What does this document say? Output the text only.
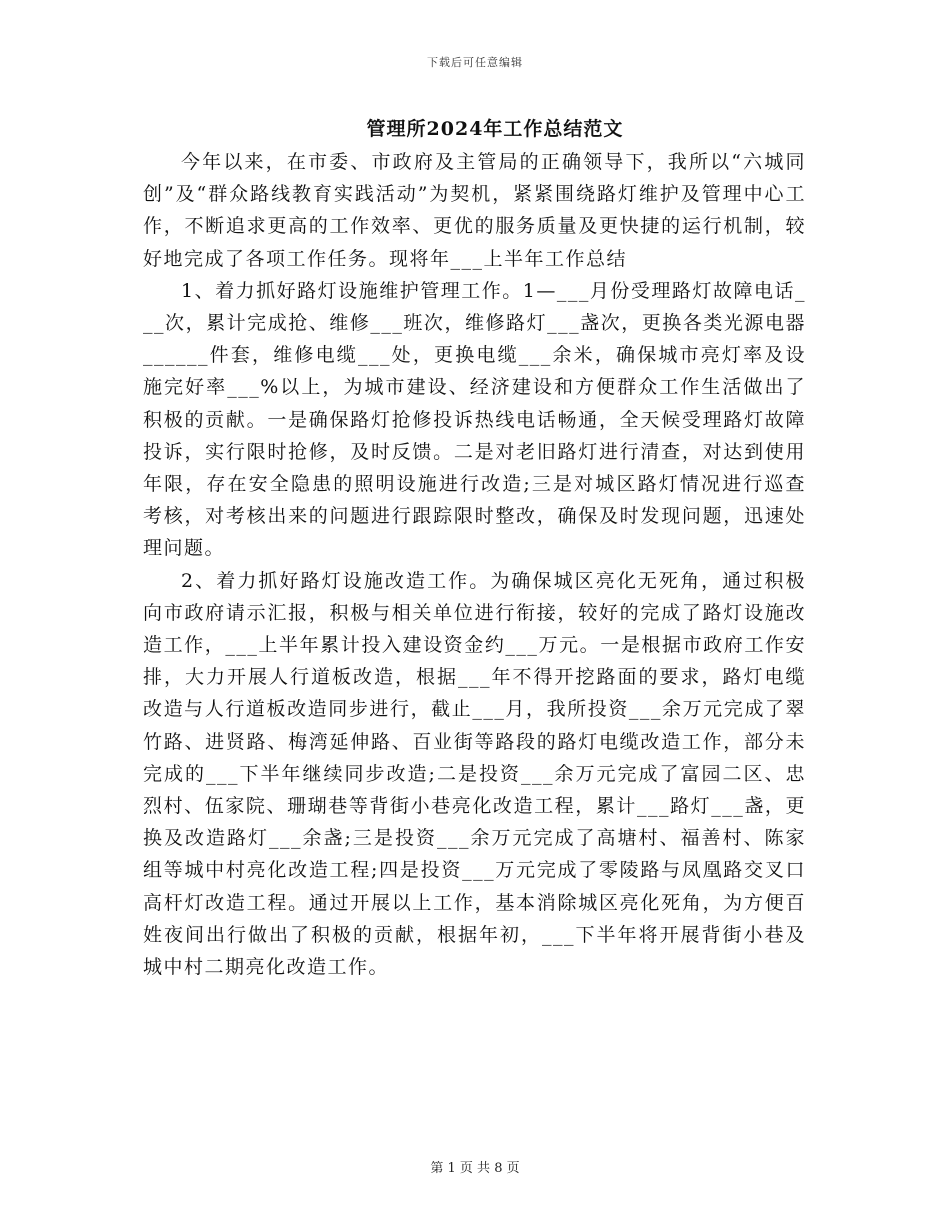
下载后可任意编辑
管理所2024年工作总结范文

今年以来，在市委、市政府及主管局的正确领导下，我所以“六城同创”及“群众路线教育实践活动”为契机，紧紧围绕路灯维护及管理中心工作，不断追求更高的工作效率、更优的服务质量及更快捷的运行机制，较好地完成了各项工作任务。现将年___上半年工作总结

1、着力抓好路灯设施维护管理工作。1—___月份受理路灯故障电话___次，累计完成抢、维修___班次，维修路灯___盏次，更换各类光源电器______件套，维修电缆___处，更换电缆___余米，确保城市亮灯率及设施完好率___%以上，为城市建设、经济建设和方便群众工作生活做出了积极的贡献。一是确保路灯抢修投诉热线电话畅通，全天候受理路灯故障投诉，实行限时抢修，及时反馈。二是对老旧路灯进行清查，对达到使用年限，存在安全隐患的照明设施进行改造;三是对城区路灯情况进行巡查考核，对考核出来的问题进行跟踪限时整改，确保及时发现问题，迅速处理问题。

2、着力抓好路灯设施改造工作。为确保城区亮化无死角，通过积极向市政府请示汇报，积极与相关单位进行衔接，较好的完成了路灯设施改造工作，___上半年累计投入建设资金约___万元。一是根据市政府工作安排，大力开展人行道板改造，根据___年不得开挖路面的要求，路灯电缆改造与人行道板改造同步进行，截止___月，我所投资___余万元完成了翠竹路、进贤路、梅湾延伸路、百业街等路段的路灯电缆改造工作，部分未完成的___下半年继续同步改造;二是投资___余万元完成了富园二区、忠烈村、伍家院、珊瑚巷等背街小巷亮化改造工程，累计___路灯___盏，更换及改造路灯___余盏;三是投资___余万元完成了高塘村、福善村、陈家组等城中村亮化改造工程;四是投资___万元完成了零陵路与凤凰路交叉口高杆灯改造工程。通过开展以上工作，基本消除城区亮化死角，为方便百姓夜间出行做出了积极的贡献，根据年初，___下半年将开展背街小巷及城中村二期亮化改造工作。

第 1 页 共 8 页
